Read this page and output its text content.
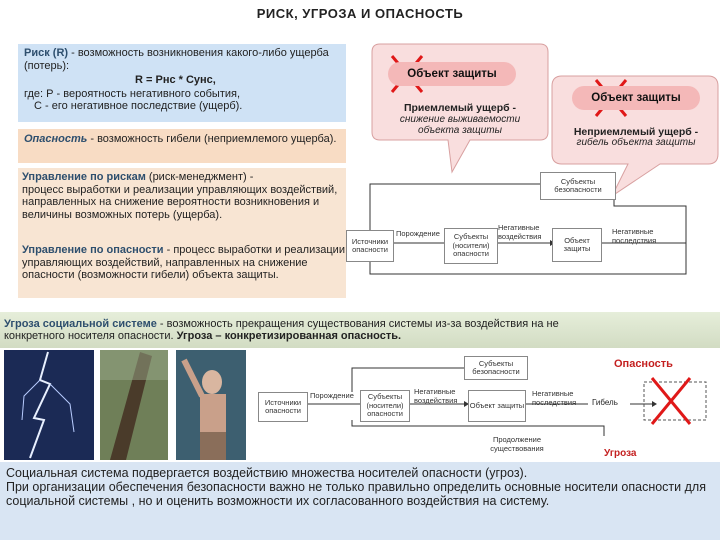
РИСК, УГРОЗА И ОПАСНОСТЬ
Риск (R) - возможность возникновения какого-либо ущерба (потерь):
R = Рнс * Сунс,
где: Р - вероятность негативного события,
С - его негативное последствие (ущерб).
Опасность - возможность гибели (неприемлемого ущерба).
Управление по рискам (риск-менеджмент) -
процесс выработки и реализации управляющих воздействий, направленных на снижение вероятности возникновения и величины возможных потерь (ущерба).
Управление по опасности - процесс выработки и реализации управляющих воздействий, направленных на снижение опасности (возможности гибели) объекта защиты.
Объект защиты
Приемлемый ущерб -
снижение выживаемости объекта защиты
Объект защиты
Неприемлемый ущерб -
гибель объекта защиты
Субъекты безопасности
Источники опасности
Порождение	Субъекты (носители) опасности
Негативные воздействия	Объект защиты
Негативные последствия
Угроза социальной системе - возможность прекращения существования системы из-за воздействия на не
конкретного носителя опасности. Угроза – конкретизированная опасность.
Субъекты безопасности
Опасность
Источники опасности
Порождение	Субъекты (носители) опасности
Негативные воздействия
Объект защиты
Негативные последствия	Гибель
Продолжение существования	Угроза
Социальная система подвергается воздействию множества носителей опасности (угроз).
При организации обеспечения безопасности важно не только правильно определить основные носители опасности для социальной системы , но и оценить возможности их согласованного воздействия на систему.
